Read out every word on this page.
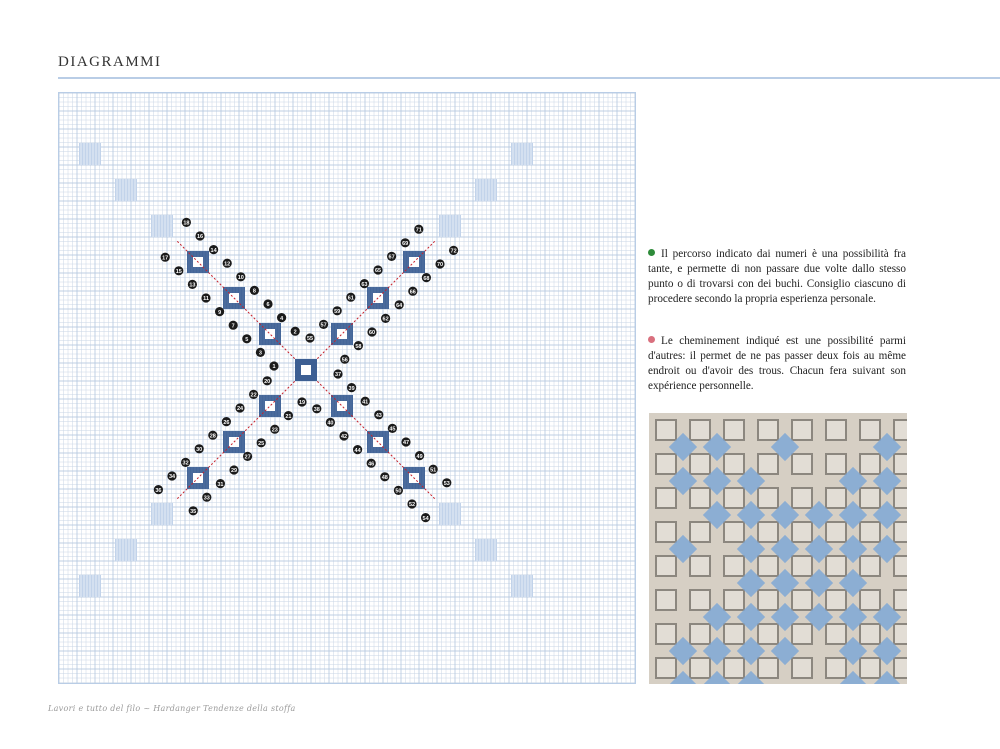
DIAGRAMMI
1
2
3
4
5
6
7
8
9
10
11
12
13
14
15
16
17
18
19
20
21
22
23
24
25
26
27
28
29
30
31
32
33
34
35
36
37
38
39
40
41
42
43
44
45
46
47
48
49
50
51
52
53
54
55
56
57
58
59
60
61
62
63
64
65
66
67
68
69
70
71
72	Il percorso indicato dai numeri è una possibilità fra tante, e permette di non passare due volte dallo stesso punto o di trovarsi con dei buchi. Consiglio ciascuno di procedere secondo la propria esperienza personale.
Le cheminement indiqué est une possibilité parmi d'autres: il permet de ne pas passer deux fois au même endroit ou d'avoir des trous. Chacun fera suivant son expérience personnelle.
Lavori e tutto del filo ~ Hardanger Tendenze della stoffa
